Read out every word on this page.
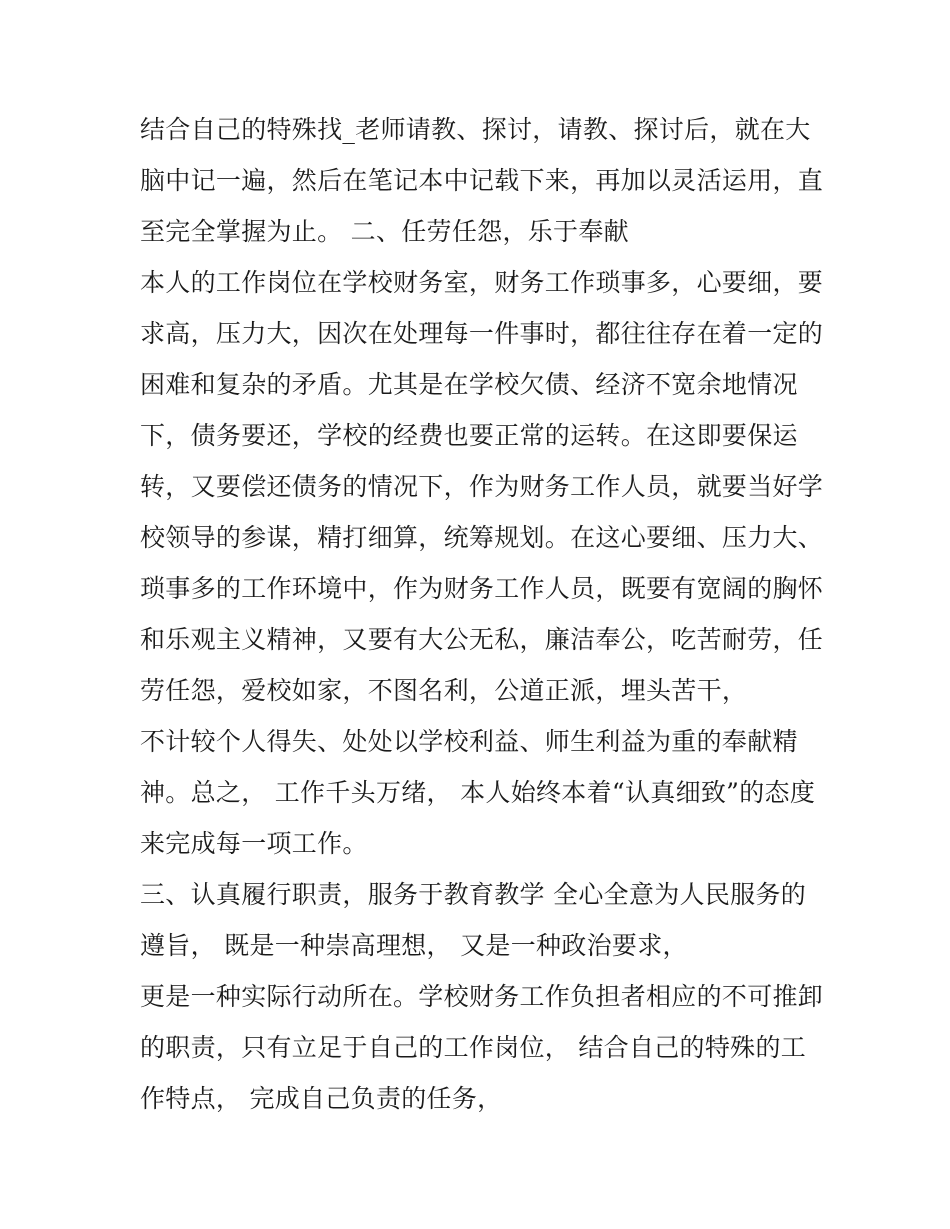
结合自己的特殊找_老师请教、探讨，请教、探讨后，就在大
脑中记一遍，然后在笔记本中记载下来，再加以灵活运用，直
至完全掌握为止。 二、任劳任怨，乐于奉献
本人的工作岗位在学校财务室，财务工作琐事多，心要细，要
求高，压力大，因次在处理每一件事时，都往往存在着一定的
困难和复杂的矛盾。尤其是在学校欠债、经济不宽余地情况
下，债务要还，学校的经费也要正常的运转。在这即要保运
转，又要偿还债务的情况下，作为财务工作人员，就要当好学
校领导的参谋，精打细算，统筹规划。在这心要细、压力大、
琐事多的工作环境中，作为财务工作人员，既要有宽阔的胸怀
和乐观主义精神，又要有大公无私，廉洁奉公，吃苦耐劳，任
劳任怨，爱校如家，不图名利，公道正派，埋头苦干，
不计较个人得失、处处以学校利益、师生利益为重的奉献精
神。总之， 工作千头万绪， 本人始终本着“认真细致”的态度
来完成每一项工作。
三、认真履行职责，服务于教育教学 全心全意为人民服务的
遵旨， 既是一种崇高理想， 又是一种政治要求，
更是一种实际行动所在。学校财务工作负担者相应的不可推卸
的职责，只有立足于自己的工作岗位， 结合自己的特殊的工
作特点， 完成自己负责的任务，
